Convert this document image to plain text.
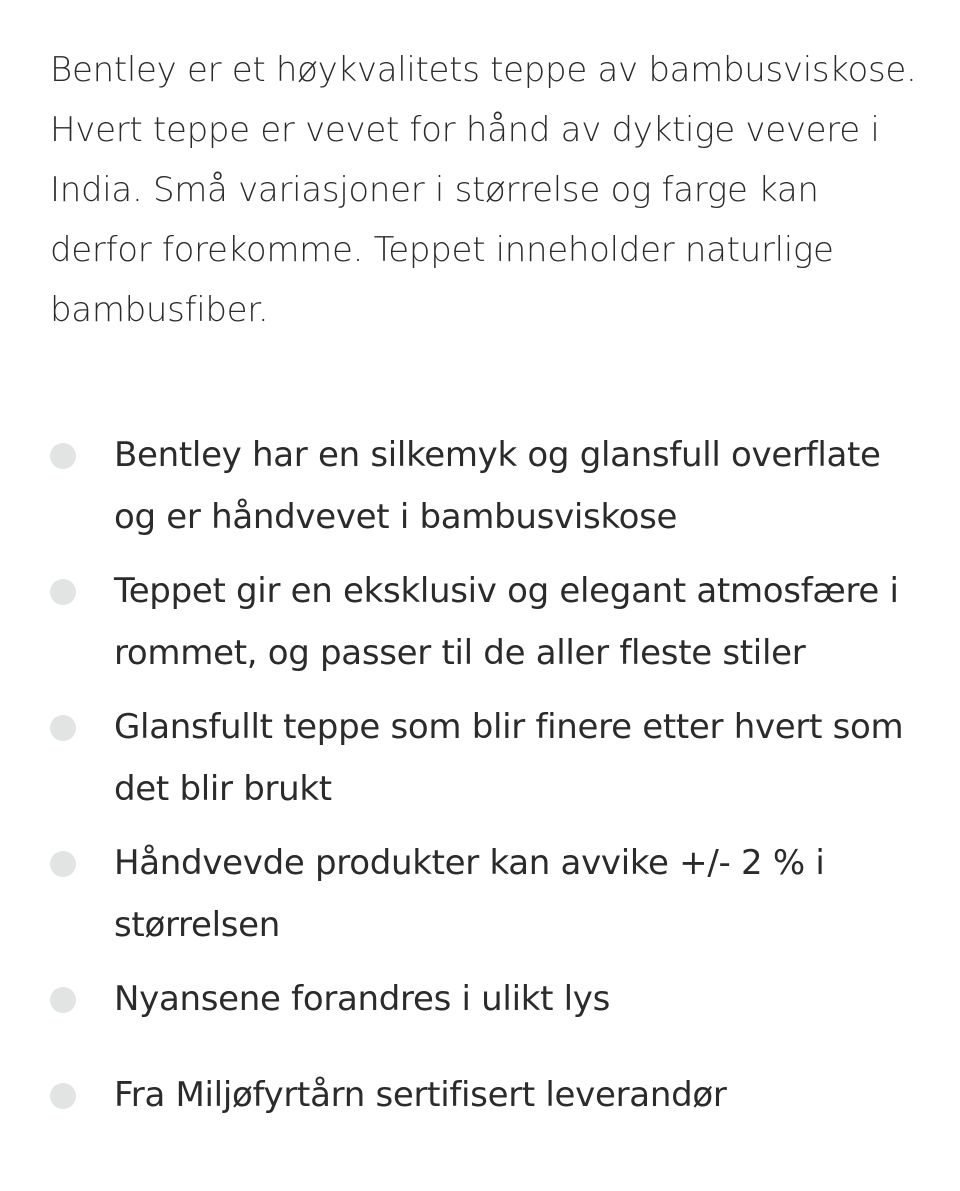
Bentley er et høykvalitets teppe av bambusviskose. Hvert teppe er vevet for hånd av dyktige vevere i India. Små variasjoner i størrelse og farge kan derfor forekomme. Teppet inneholder naturlige bambusfiber.

Bentley har en silkemyk og glansfull overflate og er håndvevet i bambusviskose
Teppet gir en eksklusiv og elegant atmosfære i rommet, og passer til de aller fleste stiler
Glansfullt teppe som blir finere etter hvert som det blir brukt
Håndvevde produkter kan avvike +/- 2 % i størrelsen
Nyansene forandres i ulikt lys
Fra Miljøfyrtårn sertifisert leverandør
